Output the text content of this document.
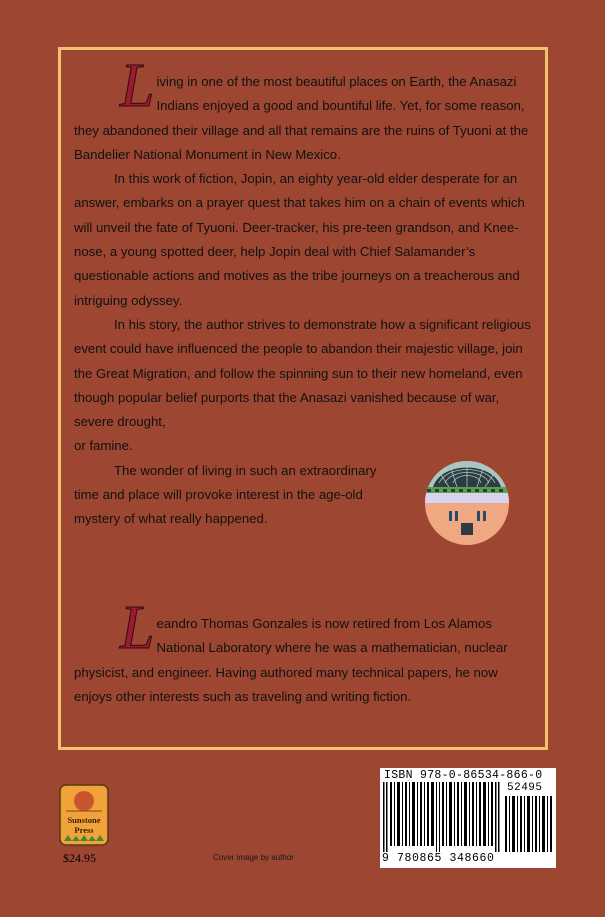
L iving in one of the most beautiful places on Earth, the Anasazi Indians enjoyed a good and bountiful life. Yet, for some reason, they abandoned their village and all that remains are the ruins of Tyuoni at the Bandelier National Monument in New Mexico.

In this work of fiction, Jopin, an eighty year-old elder desperate for an answer, embarks on a prayer quest that takes him on a chain of events which will unveil the fate of Tyuoni. Deer-tracker, his pre-teen grandson, and Knee-nose, a young spotted deer, help Jopin deal with Chief Salamander’s questionable actions and motives as the tribe journeys on a treacherous and intriguing odyssey.

In his story, the author strives to demonstrate how a significant religious event could have influenced the people to abandon their majestic village, join the Great Migration, and follow the spinning sun to their new homeland, even though popular belief purports that the Anasazi vanished because of war, severe drought,

or famine.

The wonder of living in such an extraordinary time and place will provoke interest in the age-old mystery of what really happened.

L eandro Thomas Gonzales is now retired from Los Alamos National Laboratory where he was a mathematician, nuclear physicist, and engineer. Having authored many technical papers, he now enjoys other interests such as traveling and writing fiction.

Sunstone
Press
$24.95	Cover image by author
ISBN 978-0-86534-866-0
52495
9 780865 348660
